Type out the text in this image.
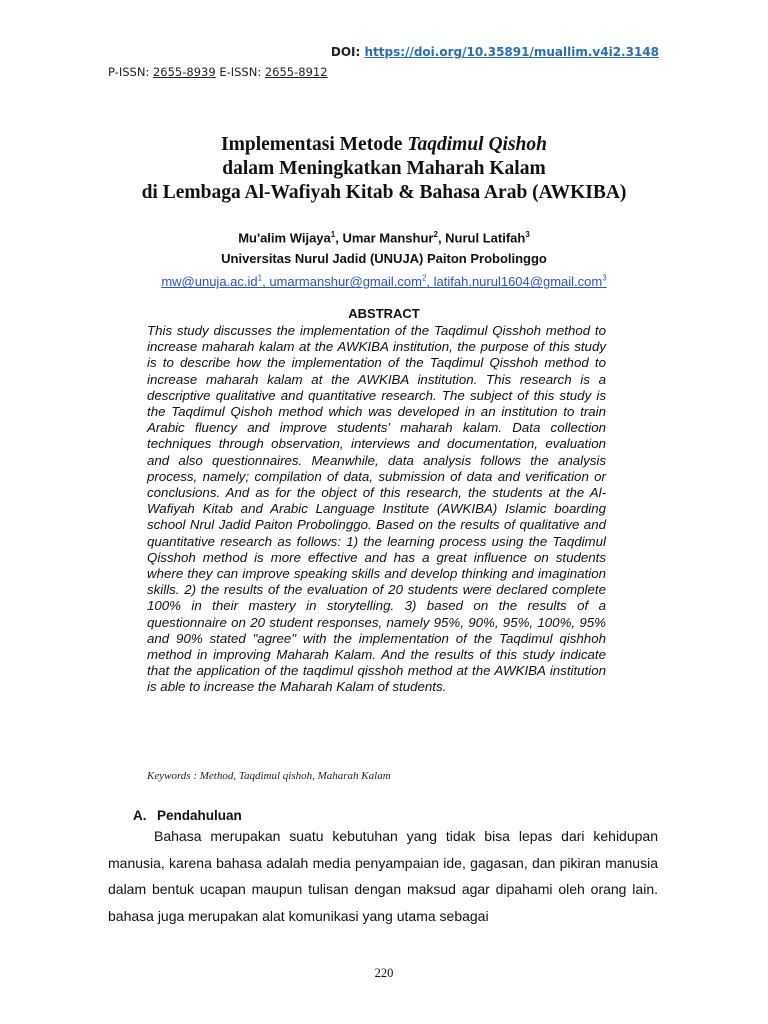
DOI: https://doi.org/10.35891/muallim.v4i2.3148
P-ISSN: 2655-8939 E-ISSN: 2655-8912
Implementasi Metode Taqdimul Qishoh
dalam Meningkatkan Maharah Kalam
di Lembaga Al-Wafiyah Kitab & Bahasa Arab (AWKIBA)
Mu'alim Wijaya$^1$, Umar Manshur$^2$, Nurul Latifah$^3$
Universitas Nurul Jadid (UNUJA) Paiton Probolinggo
$mw@unuja.ac.id^1$, umarmanshur@gmail.com$^2$, latifah.nurul1604@gmail.com$^3$
ABSTRACT

This study discusses the implementation of the Taqdimul Qisshoh method to increase maharah kalam at the AWKIBA institution, the purpose of this study is to describe how the implementation of the Taqdimul Qisshoh method to increase maharah kalam at the AWKIBA institution. This research is a descriptive qualitative and quantitative research. The subject of this study is the Taqdimul Qishoh method which was developed in an institution to train Arabic fluency and improve students' maharah kalam. Data collection techniques through observation, interviews and documentation, evaluation and also questionnaires. Meanwhile, data analysis follows the analysis process, namely; compilation of data, submission of data and verification or conclusions. And as for the object of this research, the students at the Al-Wafiyah Kitab and Arabic Language Institute (AWKIBA) Islamic boarding school Nrul Jadid Paiton Probolinggo. Based on the results of qualitative and quantitative research as follows: 1) the learning process using the Taqdimul Qisshoh method is more effective and has a great influence on students where they can improve speaking skills and develop thinking and imagination skills. 2) the results of the evaluation of 20 students were declared complete 100% in their mastery in storytelling. 3) based on the results of a questionnaire on 20 student responses, namely 95%, 90%, 95%, 100%, 95% and 90% stated "agree" with the implementation of the Taqdimul qishhoh method in improving Maharah Kalam. And the results of this study indicate that the application of the taqdimul qisshoh method at the AWKIBA institution is able to increase the Maharah Kalam of students.

Keywords : Method, Taqdimul qishoh, Maharah Kalam
A. Pendahuluan

Bahasa merupakan suatu kebutuhan yang tidak bisa lepas dari kehidupan manusia, karena bahasa adalah media penyampaian ide, gagasan, dan pikiran manusia dalam bentuk ucapan maupun tulisan dengan maksud agar dipahami oleh orang lain. bahasa juga merupakan alat komunikasi yang utama sebagai

220
